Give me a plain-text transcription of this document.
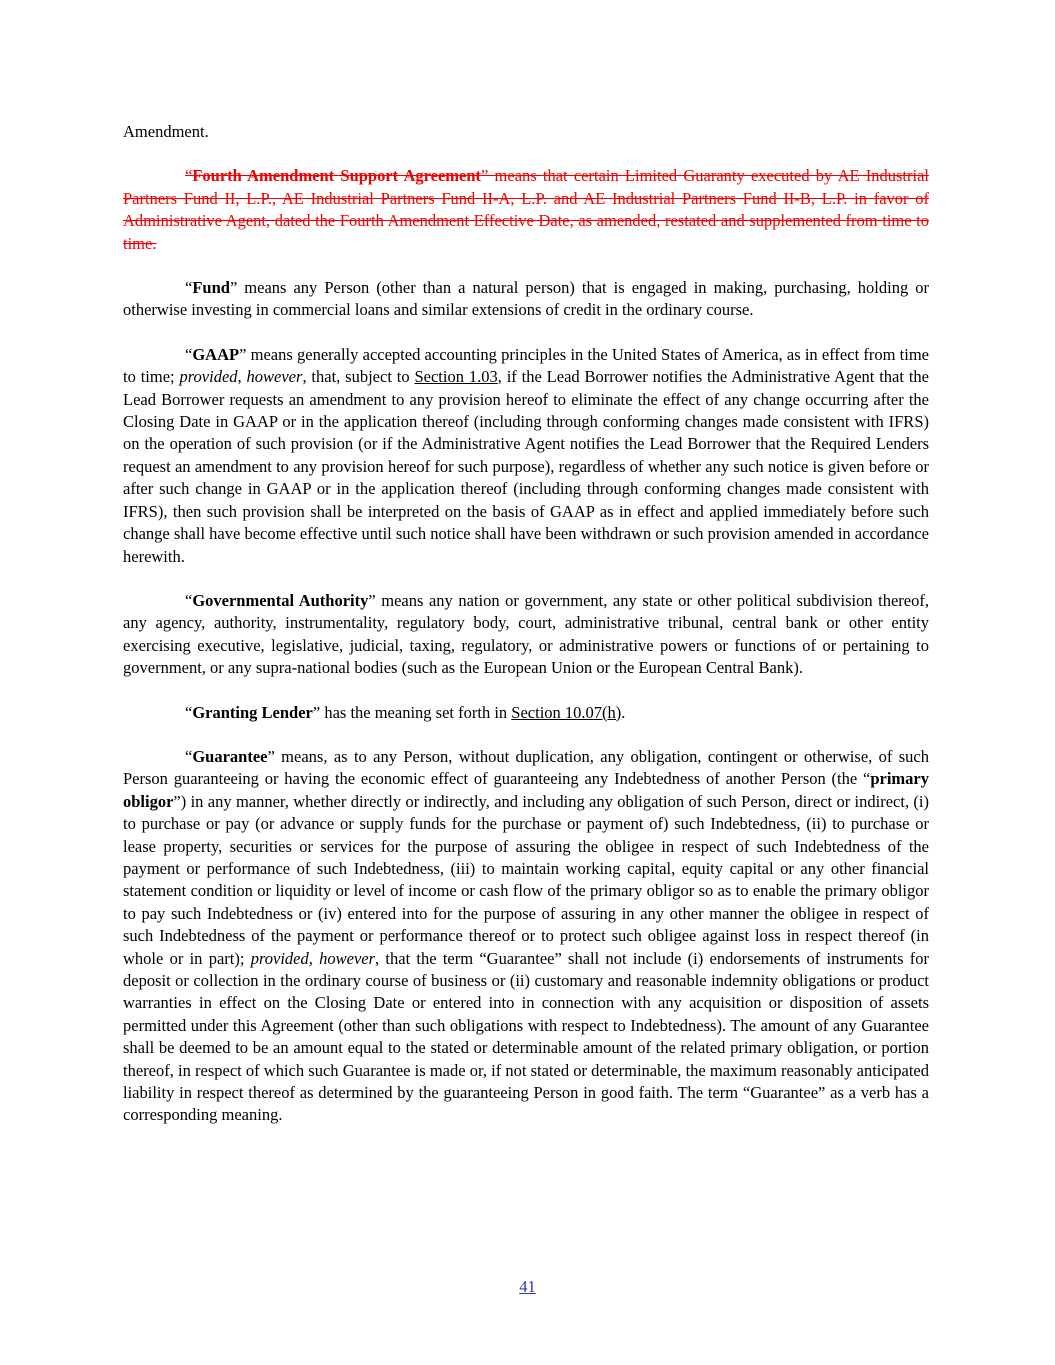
Amendment.

“Fourth Amendment Support Agreement” means that certain Limited Guaranty executed by AE Industrial Partners Fund II, L.P., AE Industrial Partners Fund II-A, L.P. and AE Industrial Partners Fund II-B, L.P. in favor of Administrative Agent, dated the Fourth Amendment Effective Date, as amended, restated and supplemented from time to time.

“Fund” means any Person (other than a natural person) that is engaged in making, purchasing, holding or otherwise investing in commercial loans and similar extensions of credit in the ordinary course.

“GAAP” means generally accepted accounting principles in the United States of America, as in effect from time to time; provided, however, that, subject to Section 1.03, if the Lead Borrower notifies the Administrative Agent that the Lead Borrower requests an amendment to any provision hereof to eliminate the effect of any change occurring after the Closing Date in GAAP or in the application thereof (including through conforming changes made consistent with IFRS) on the operation of such provision (or if the Administrative Agent notifies the Lead Borrower that the Required Lenders request an amendment to any provision hereof for such purpose), regardless of whether any such notice is given before or after such change in GAAP or in the application thereof (including through conforming changes made consistent with IFRS), then such provision shall be interpreted on the basis of GAAP as in effect and applied immediately before such change shall have become effective until such notice shall have been withdrawn or such provision amended in accordance herewith.

“Governmental Authority” means any nation or government, any state or other political subdivision thereof, any agency, authority, instrumentality, regulatory body, court, administrative tribunal, central bank or other entity exercising executive, legislative, judicial, taxing, regulatory, or administrative powers or functions of or pertaining to government, or any supra-national bodies (such as the European Union or the European Central Bank).

“Granting Lender” has the meaning set forth in Section 10.07(h).

“Guarantee” means, as to any Person, without duplication, any obligation, contingent or otherwise, of such Person guaranteeing or having the economic effect of guaranteeing any Indebtedness of another Person (the “primary obligor”) in any manner, whether directly or indirectly, and including any obligation of such Person, direct or indirect, (i) to purchase or pay (or advance or supply funds for the purchase or payment of) such Indebtedness, (ii) to purchase or lease property, securities or services for the purpose of assuring the obligee in respect of such Indebtedness of the payment or performance of such Indebtedness, (iii) to maintain working capital, equity capital or any other financial statement condition or liquidity or level of income or cash flow of the primary obligor so as to enable the primary obligor to pay such Indebtedness or (iv) entered into for the purpose of assuring in any other manner the obligee in respect of such Indebtedness of the payment or performance thereof or to protect such obligee against loss in respect thereof (in whole or in part); provided, however, that the term “Guarantee” shall not include (i) endorsements of instruments for deposit or collection in the ordinary course of business or (ii) customary and reasonable indemnity obligations or product warranties in effect on the Closing Date or entered into in connection with any acquisition or disposition of assets permitted under this Agreement (other than such obligations with respect to Indebtedness). The amount of any Guarantee shall be deemed to be an amount equal to the stated or determinable amount of the related primary obligation, or portion thereof, in respect of which such Guarantee is made or, if not stated or determinable, the maximum reasonably anticipated liability in respect thereof as determined by the guaranteeing Person in good faith. The term “Guarantee” as a verb has a corresponding meaning.

41
